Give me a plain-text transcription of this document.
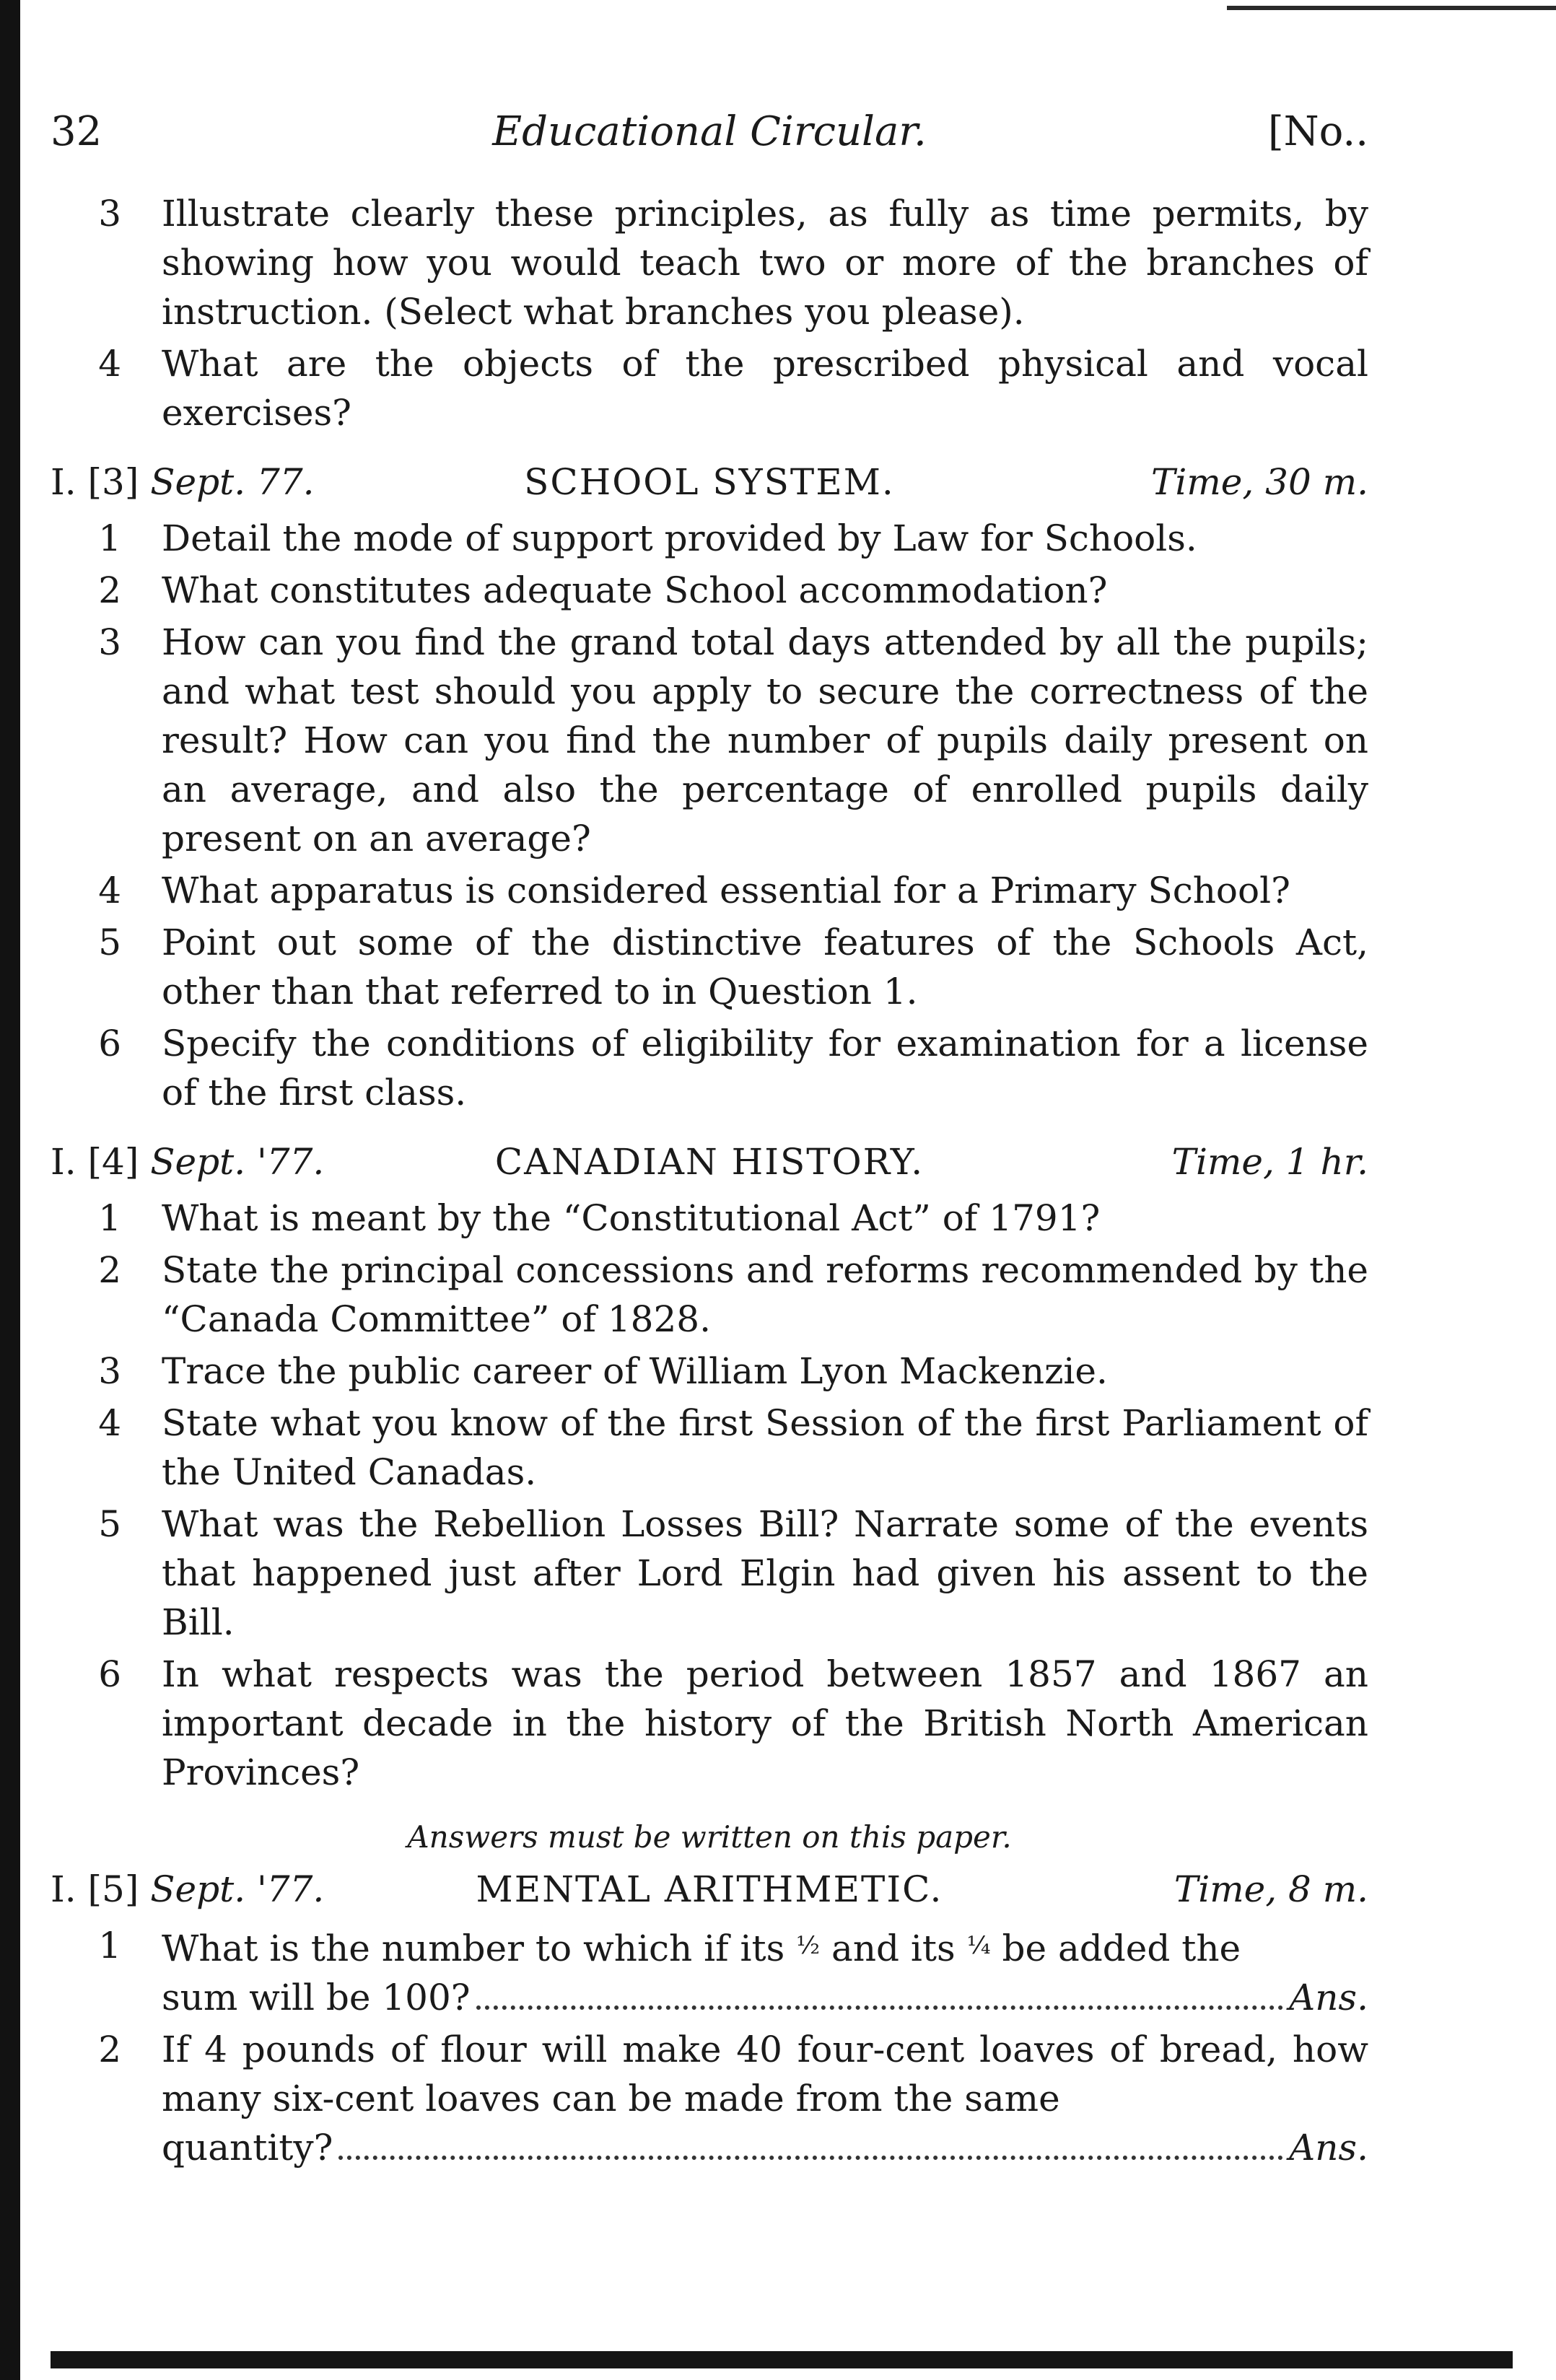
32	Educational Circular.	[No..
3	Illustrate clearly these principles, as fully as time permits, by showing how you would teach two or more of the branches of instruction. (Select what branches you please).
4	What are the objects of the prescribed physical and vocal exercises?
I. [3] Sept. 77.	SCHOOL SYSTEM.	Time, 30 m.
1	Detail the mode of support provided by Law for Schools.
2	What constitutes adequate School accommodation?
3	How can you find the grand total days attended by all the pupils; and what test should you apply to secure the correctness of the result? How can you find the number of pupils daily present on an average, and also the percentage of enrolled pupils daily present on an average?
4	What apparatus is considered essential for a Primary School?
5	Point out some of the distinctive features of the Schools Act, other than that referred to in Question 1.
6	Specify the conditions of eligibility for examination for a license of the first class.
I. [4] Sept. '77.	CANADIAN HISTORY.	Time, 1 hr.
1	What is meant by the “Constitutional Act” of 1791?
2	State the principal concessions and reforms recommended by the “Canada Committee” of 1828.
3	Trace the public career of William Lyon Mackenzie.
4	State what you know of the first Session of the first Parliament of the United Canadas.
5	What was the Rebellion Losses Bill? Narrate some of the events that happened just after Lord Elgin had given his assent to the Bill.
6	In what respects was the period between 1857 and 1867 an important decade in the history of the British North American Provinces?
Answers must be written on this paper.
I. [5] Sept. '77.	MENTAL ARITHMETIC.	Time, 8 m.
1	What is the number to which if its $^{\frac{1}{2}}$ and its $^{\frac{1}{4}}$ be added the
sum will be 100?	Ans.
2	If 4 pounds of flour will make 40 four-cent loaves of bread, how many six-cent loaves can be made from the same
quantity?	Ans.
